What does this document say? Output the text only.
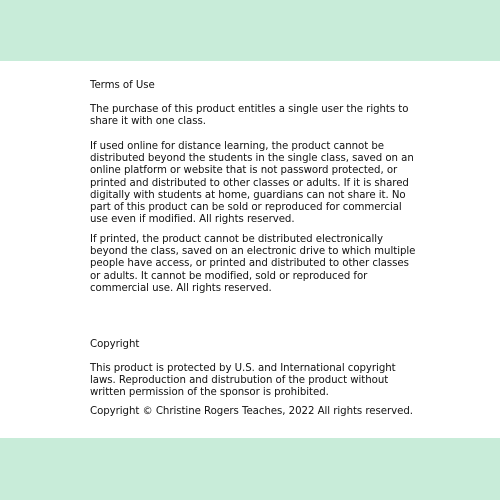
Terms of Use

The purchase of this product entitles a single user the rights to share it with one class.

If used online for distance learning, the product cannot be distributed beyond the students in the single class, saved on an online platform or website that is not password protected, or printed and distributed to other classes or adults. If it is shared digitally with students at home, guardians can not share it. No part of this product can be sold or reproduced for commercial use even if modified. All rights reserved.

If printed, the product cannot be distributed electronically beyond the class, saved on an electronic drive to which multiple people have access, or printed and distributed to other classes or adults. It cannot be modified, sold or reproduced for commercial use. All rights reserved.

Copyright

This product is protected by U.S. and International copyright laws. Reproduction and distrubution of the product without written permission of the sponsor is prohibited.

Copyright © Christine Rogers Teaches, 2022 All rights reserved.
